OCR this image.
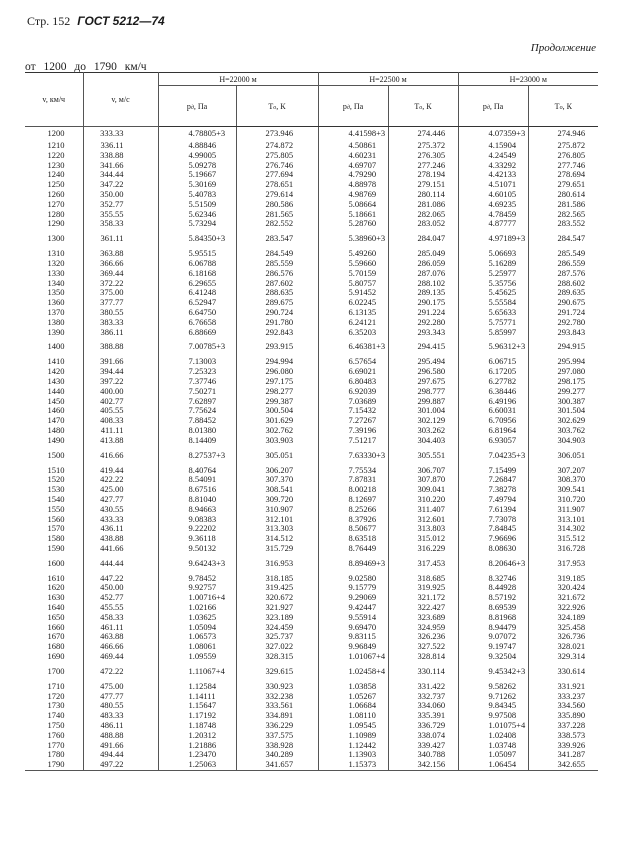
Стр. 152 ГОСТ 5212—74
Продолжение
от 1200 до 1790 км/ч
v, км/ч	v, м/с	H=22000 м		H=22500 м		H=23000 м	
		pд, Па	Tо, К	pд, Па	Tо, К	pд, Па	Tо, К
1200	333.33	4.78805+3	273.946	4.41598+3	274.446	4.07359+3	274.946
1210	336.11	4.88846	274.872	4.50861	275.372	4.15904	275.872
1220	338.88	4.99005	275.805	4.60231	276.305	4.24549	276.805
1230	341.66	5.09278	276.746	4.69707	277.246	4.33292	277.746
1240	344.44	5.19667	277.694	4.79290	278.194	4.42133	278.694
1250	347.22	5.30169	278.651	4.88978	279.151	4.51071	279.651
1260	350.00	5.40783	279.614	4.98769	280.114	4.60105	280.614
1270	352.77	5.51509	280.586	5.08664	281.086	4.69235	281.586
1280	355.55	5.62346	281.565	5.18661	282.065	4.78459	282.565
1290	358.33	5.73294	282.552	5.28760	283.052	4.87777	283.552
1300	361.11	5.84350+3	283.547	5.38960+3	284.047	4.97189+3	284.547
1310	363.88	5.95515	284.549	5.49260	285.049	5.06693	285.549
1320	366.66	6.06788	285.559	5.59660	286.059	5.16289	286.559
1330	369.44	6.18168	286.576	5.70159	287.076	5.25977	287.576
1340	372.22	6.29655	287.602	5.80757	288.102	5.35756	288.602
1350	375.00	6.41248	288.635	5.91452	289.135	5.45625	289.635
1360	377.77	6.52947	289.675	6.02245	290.175	5.55584	290.675
1370	380.55	6.64750	290.724	6.13135	291.224	5.65633	291.724
1380	383.33	6.76658	291.780	6.24121	292.280	5.75771	292.780
1390	386.11	6.88669	292.843	6.35203	293.343	5.85997	293.843
1400	388.88	7.00785+3	293.915	6.46381+3	294.415	5.96312+3	294.915
1410	391.66	7.13003	294.994	6.57654	295.494	6.06715	295.994
1420	394.44	7.25323	296.080	6.69021	296.580	6.17205	297.080
1430	397.22	7.37746	297.175	6.80483	297.675	6.27782	298.175
1440	400.00	7.50271	298.277	6.92039	298.777	6.38446	299.277
1450	402.77	7.62897	299.387	7.03689	299.887	6.49196	300.387
1460	405.55	7.75624	300.504	7.15432	301.004	6.60031	301.504
1470	408.33	7.88452	301.629	7.27267	302.129	6.70956	302.629
1480	411.11	8.01380	302.762	7.39196	303.262	6.81964	303.762
1490	413.88	8.14409	303.903	7.51217	304.403	6.93057	304.903
1500	416.66	8.27537+3	305.051	7.63330+3	305.551	7.04235+3	306.051
1510	419.44	8.40764	306.207	7.75534	306.707	7.15499	307.207
1520	422.22	8.54091	307.370	7.87831	307.870	7.26847	308.370
1530	425.00	8.67516	308.541	8.00218	309.041	7.38278	309.541
1540	427.77	8.81040	309.720	8.12697	310.220	7.49794	310.720
1550	430.55	8.94663	310.907	8.25266	311.407	7.61394	311.907
1560	433.33	9.08383	312.101	8.37926	312.601	7.73078	313.101
1570	436.11	9.22202	313.303	8.50677	313.803	7.84845	314.302
1580	438.88	9.36118	314.512	8.63518	315.012	7.96696	315.512
1590	441.66	9.50132	315.729	8.76449	316.229	8.08630	316.728
1600	444.44	9.64243+3	316.953	8.89469+3	317.453	8.20646+3	317.953
1610	447.22	9.78452	318.185	9.02580	318.685	8.32746	319.185
1620	450.00	9.92757	319.425	9.15779	319.925	8.44928	320.424
1630	452.77	1.00716+4	320.672	9.29069	321.172	8.57192	321.672
1640	455.55	1.02166	321.927	9.42447	322.427	8.69539	322.926
1650	458.33	1.03625	323.189	9.55914	323.689	8.81968	324.189
1660	461.11	1.05094	324.459	9.69470	324.959	8.94479	325.458
1670	463.88	1.06573	325.737	9.83115	326.236	9.07072	326.736
1680	466.66	1.08061	327.022	9.96849	327.522	9.19747	328.021
1690	469.44	1.09559	328.315	1.01067+4	328.814	9.32504	329.314
1700	472.22	1.11067+4	329.615	1.02458+4	330.114	9.45342+3	330.614
1710	475.00	1.12584	330.923	1.03858	331.422	9.58262	331.921
1720	477.77	1.14111	332.238	1.05267	332.737	9.71262	333.237
1730	480.55	1.15647	333.561	1.06684	334.060	9.84345	334.560
1740	483.33	1.17192	334.891	1.08110	335.391	9.97508	335.890
1750	486.11	1.18748	336.229	1.09545	336.729	1.01075+4	337.228
1760	488.88	1.20312	337.575	1.10989	338.074	1.02408	338.573
1770	491.66	1.21886	338.928	1.12442	339.427	1.03748	339.926
1780	494.44	1.23470	340.289	1.13903	340.788	1.05097	341.287
1790	497.22	1.25063	341.657	1.15373	342.156	1.06454	342.655
